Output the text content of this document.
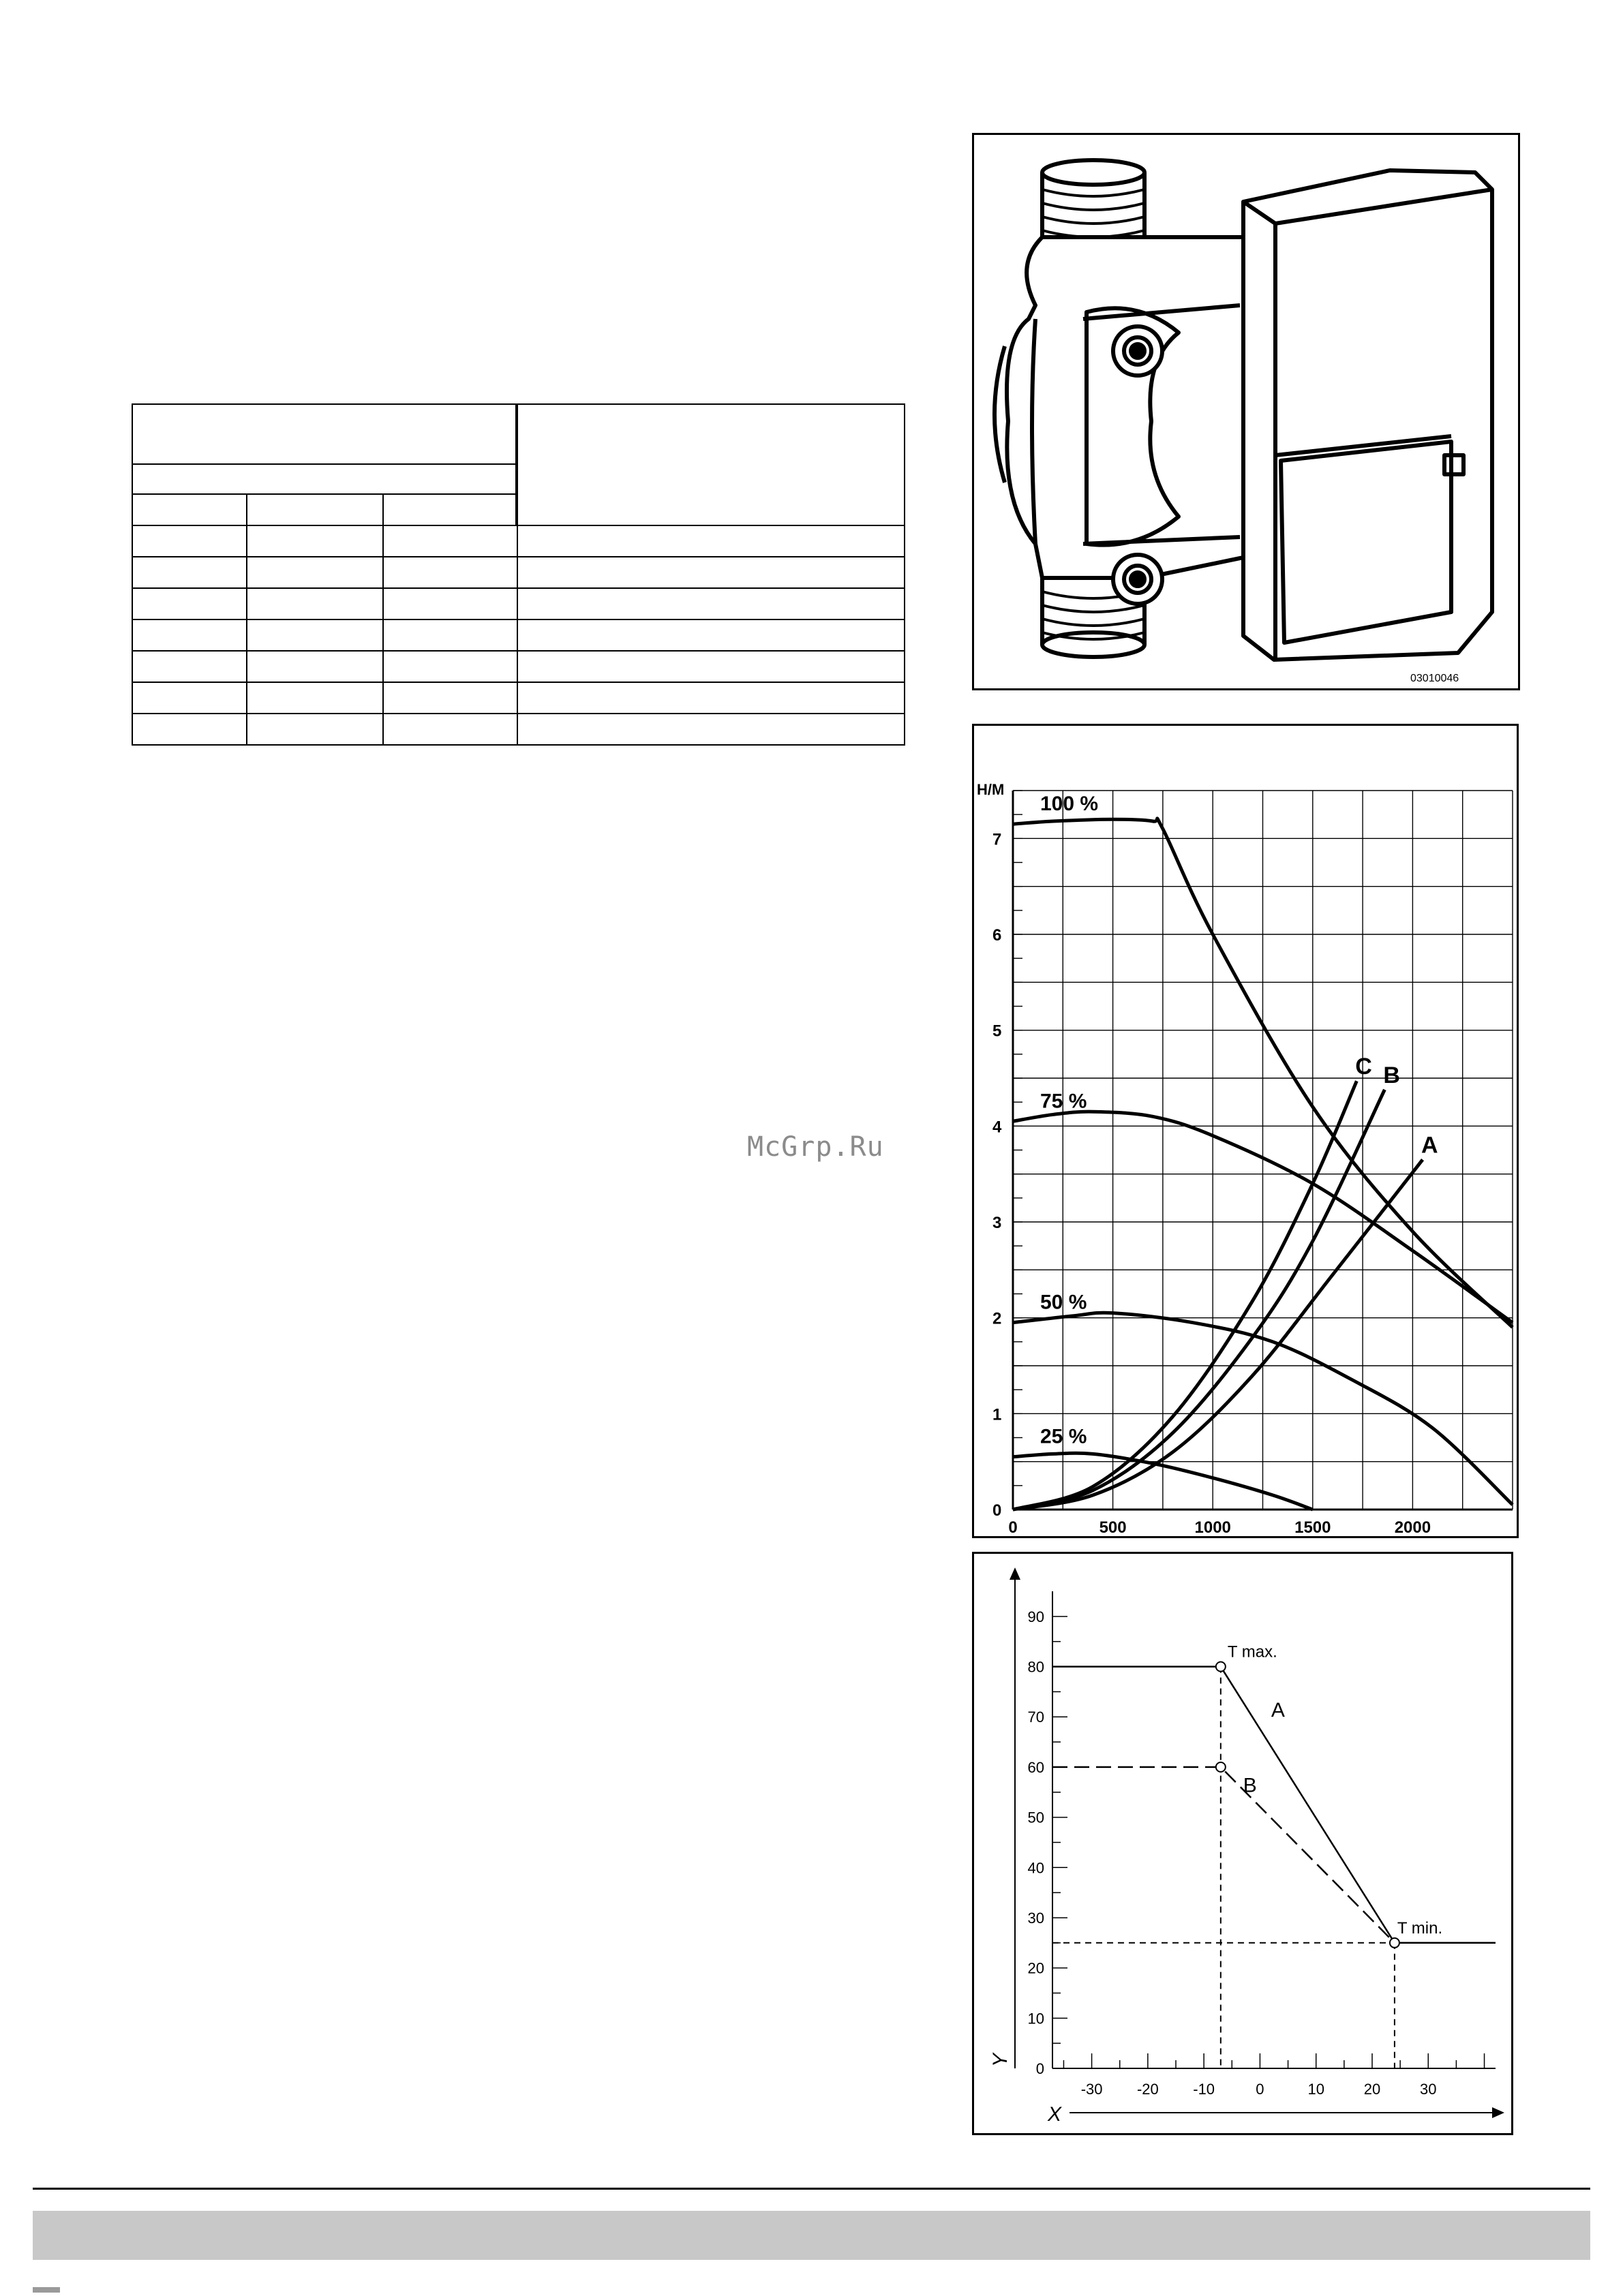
03010046
0
1
2
3
4
5
6
7
0	500	1000	1500	2000
H/M
100 %
75 %
50 %
25 %
C B
A
0
10
20
30
40
50
60
70
80
90
-30 -20 -10	0	10	20	30
X
Y
T max.
T min.
A
B
McGrp.Ru
